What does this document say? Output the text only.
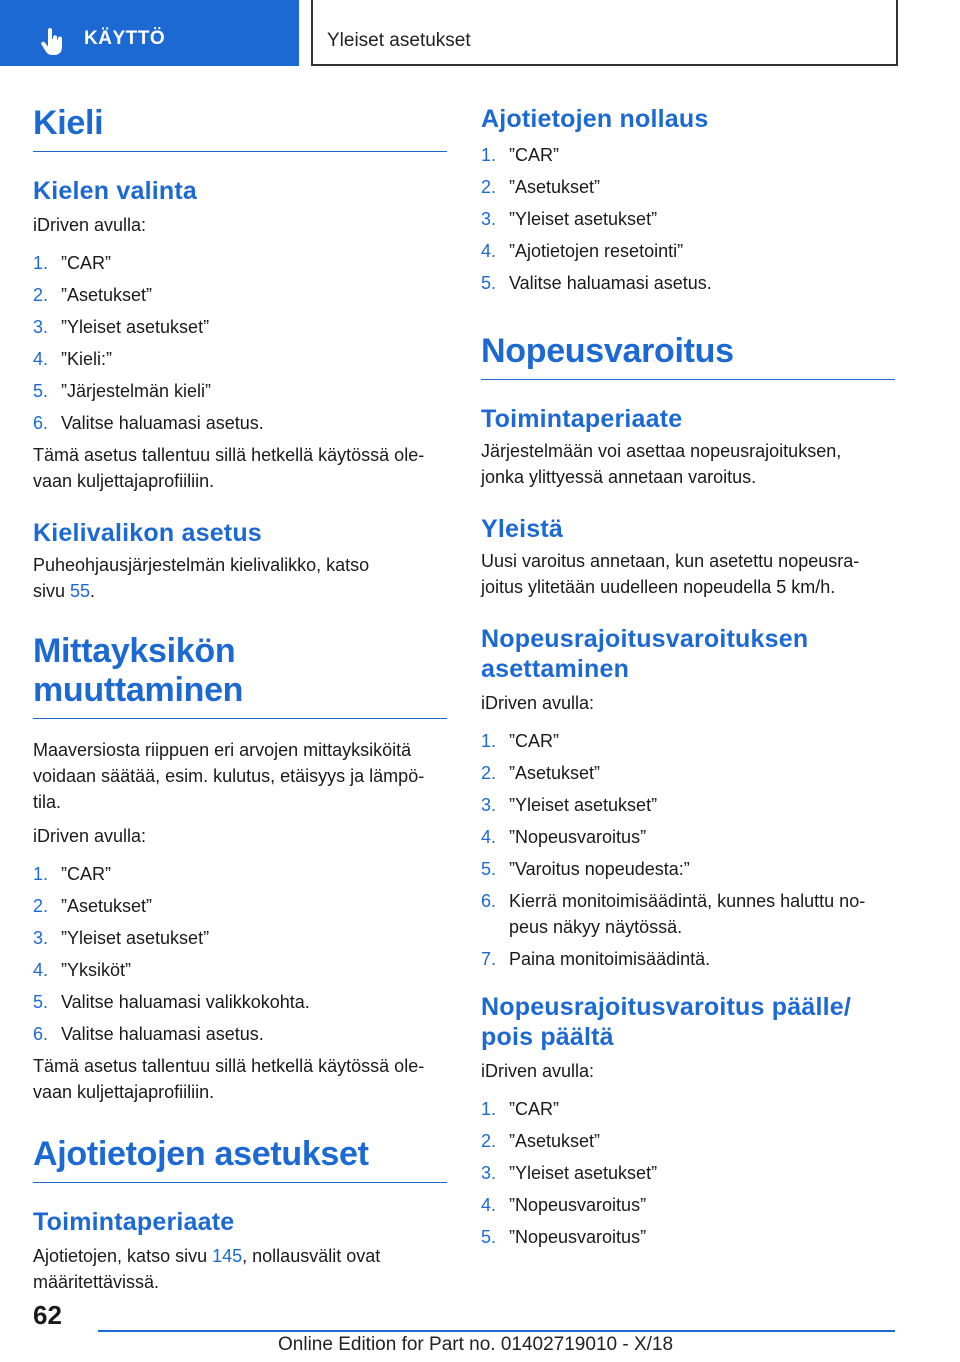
KÄYTTÖ	Yleiset asetukset
Kieli
Kielen valinta

iDriven avulla:

1. ”CAR”
2. ”Asetukset”
3. ”Yleiset asetukset”
4. ”Kieli:”
5. ”Järjestelmän kieli”
6. Valitse haluamasi asetus.

Tämä asetus tallentuu sillä hetkellä käytössä ole-
vaan kuljettajaprofiiliin.

Kielivalikon asetus

Puheohjausjärjestelmän kielivalikko, katso
sivu 55.

Mittayksikön muuttaminen

Maaversiosta riippuen eri arvojen mittayksiköitä
voidaan säätää, esim. kulutus, etäisyys ja lämpö-
tila.

iDriven avulla:

1. ”CAR”
2. ”Asetukset”
3. ”Yleiset asetukset”
4. ”Yksiköt”
5. Valitse haluamasi valikkokohta.
6. Valitse haluamasi asetus.

Tämä asetus tallentuu sillä hetkellä käytössä ole-
vaan kuljettajaprofiiliin.

Ajotietojen asetukset
Toimintaperiaate

Ajotietojen, katso sivu 145, nollausvälit ovat
määritettävissä.

Ajotietojen nollaus
1. ”CAR”
2. ”Asetukset”
3. ”Yleiset asetukset”
4. ”Ajotietojen resetointi”
5. Valitse haluamasi asetus.
Nopeusvaroitus
Toimintaperiaate

Järjestelmään voi asettaa nopeusrajoituksen,
jonka ylittyessä annetaan varoitus.

Yleistä

Uusi varoitus annetaan, kun asetettu nopeusra-
joitus ylitetään uudelleen nopeudella 5 km/h.

Nopeusrajoitusvaroituksen
asettaminen

iDriven avulla:

1. ”CAR”
2. ”Asetukset”
3. ”Yleiset asetukset”
4. ”Nopeusvaroitus”
5. ”Varoitus nopeudesta:”
6. Kierrä monitoimisäädintä, kunnes haluttu no-
peus näkyy näytössä.
7. Paina monitoimisäädintä.
Nopeusrajoitusvaroitus päälle/
pois päältä

iDriven avulla:

1. ”CAR”
2. ”Asetukset”
3. ”Yleiset asetukset”
4. ”Nopeusvaroitus”
5. ”Nopeusvaroitus”
62
Online Edition for Part no. 01402719010 - X/18
